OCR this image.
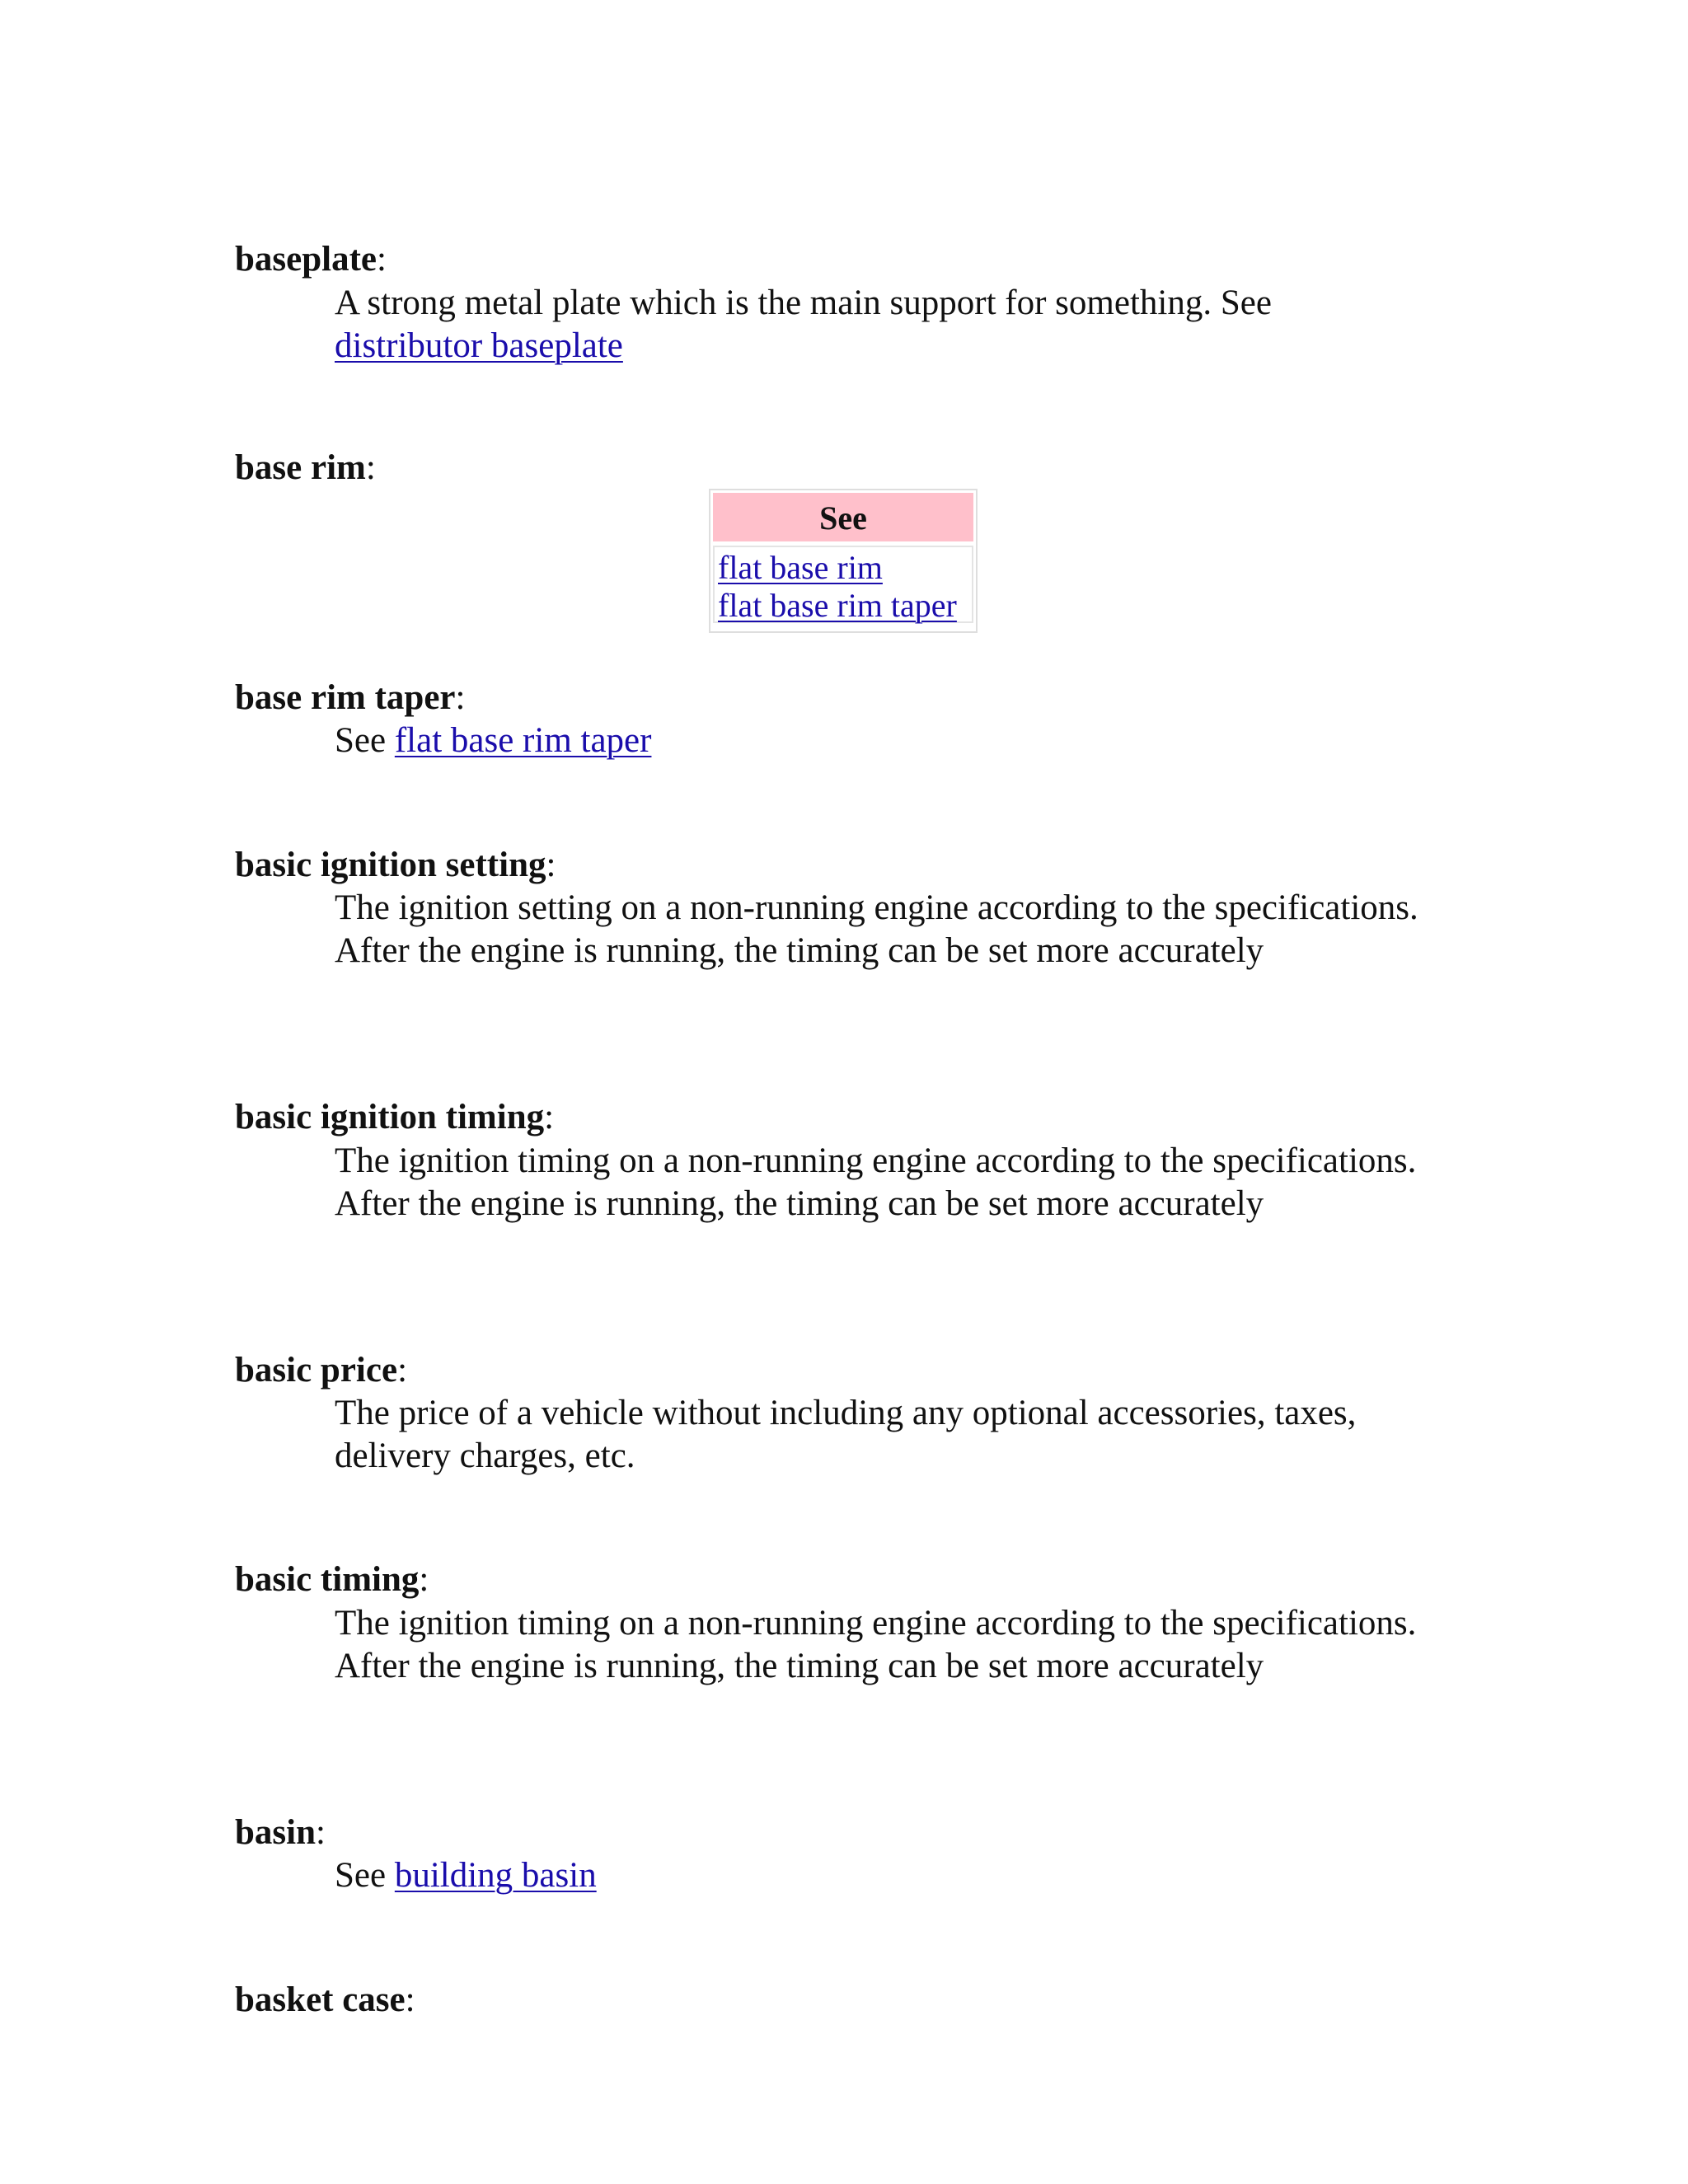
baseplate:
A strong metal plate which is the main support for something. See
distributor baseplate
base rim:
See
flat base rim
flat base rim taper
base rim taper:
See flat base rim taper
basic ignition setting:
The ignition setting on a non-running engine according to the specifications. After the engine is running, the timing can be set more accurately
basic ignition timing:
The ignition timing on a non-running engine according to the specifications. After the engine is running, the timing can be set more accurately
basic price:
The price of a vehicle without including any optional accessories, taxes, delivery charges, etc.
basic timing:
The ignition timing on a non-running engine according to the specifications. After the engine is running, the timing can be set more accurately
basin:
See building basin
basket case:
